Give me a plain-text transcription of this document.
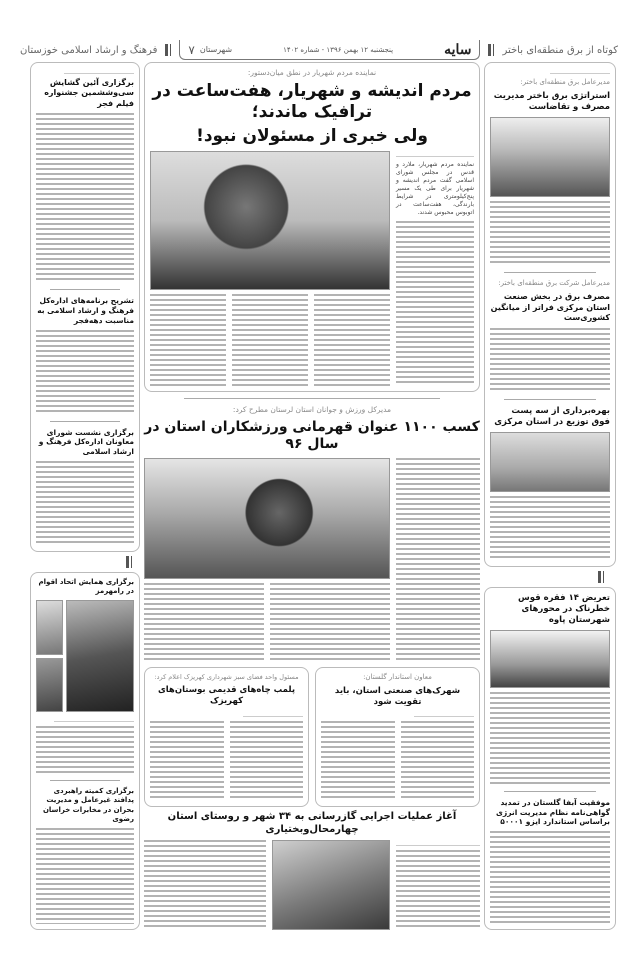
کوتاه از برق منطقه‌ای باختر
سایه
پنجشنبه ۱۲ بهمن ۱۳۹۶ - شماره ۱۴۰۲
شهرستان
۷
فرهنگ و ارشاد اسلامی خوزستان
مدیرعامل برق منطقه‌ای باختر:
استراتژی برق باختر مدیریت مصرف و تقاضاست
مدیرعامل شرکت برق منطقه‌ای باختر:
مصرف برق در بخش صنعت استان مرکزی فراتر از میانگین کشوری‌ست
بهره‌برداری از سه پست فوق توزیع در استان مرکزی
تعریض ۱۴ فقره قوس خطرناک در محورهای شهرستان پاوه
موفقیت آبفا گلستان در تمدید گواهی‌نامه نظام مدیریت انرژی براساس استاندارد ایزو ۵۰۰۰۱
نماینده مردم شهریار در نطق میان‌دستور:
مردم اندیشه و شهریار، هفت‌ساعت در ترافیک ماندند؛
ولی خبری از مسئولان نبود!
نماینده مردم شهریار، ملارد و قدس در مجلس شورای اسلامی گفت مردم اندیشه و شهریار برای طی یک مسیر پنج‌کیلومتری در شرایط بارندگی، هفت‌ساعت در اتوبوس محبوس شدند.
مدیرکل ورزش و جوانان استان لرستان مطرح کرد:
کسب ۱۱۰۰ عنوان قهرمانی ورزشکاران استان در سال ۹۶
معاون استاندار گلستان:
شهرک‌های صنعتی استان، باید تقویت شود
مسئول واحد فضای سبز شهرداری کهریزک اعلام کرد:
پلمب چاه‌های قدیمی بوستان‌های کهریزک
آغاز عملیات اجرایی گازرسانی به ۳۴ شهر و روستای استان چهارمحال‌وبختیاری
برگزاری آئین گشایش سی‌وششمین جشنواره فیلم فجر
تشریح برنامه‌های اداره‌کل فرهنگ و ارشاد اسلامی به مناسبت دهه‌فجر
برگزاری نشست شورای معاونان اداره‌کل فرهنگ و ارشاد اسلامی
برگزاری همایش اتحاد اقوام در رامهرمز
برگزاری کمیته راهبردی پدافند غیرعامل و مدیریت بحران در مخابرات خراسان رضوی
